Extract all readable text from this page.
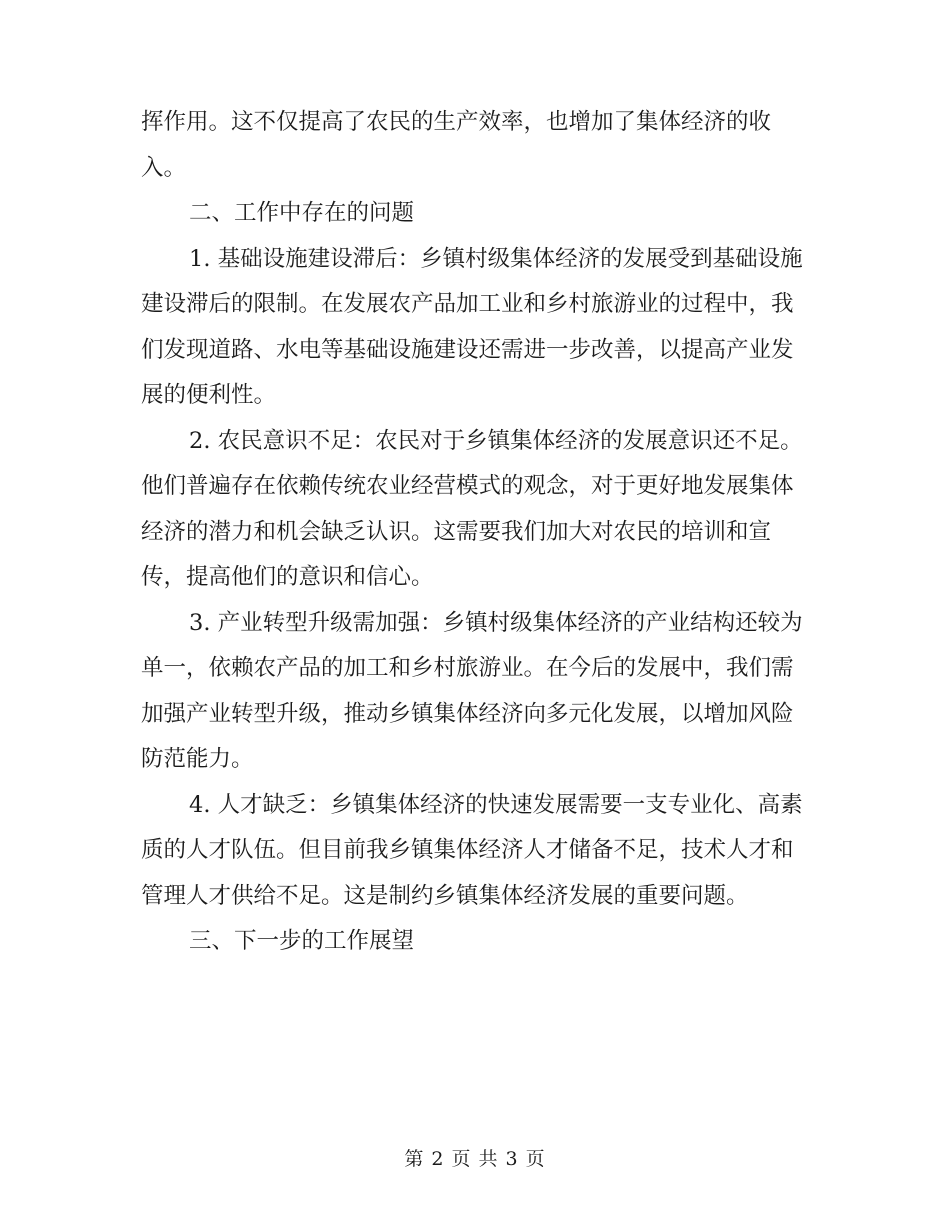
挥作用。这不仅提高了农民的生产效率，也增加了集体经济的收入。

二、工作中存在的问题

1. 基础设施建设滞后：乡镇村级集体经济的发展受到基础设施建设滞后的限制。在发展农产品加工业和乡村旅游业的过程中，我们发现道路、水电等基础设施建设还需进一步改善，以提高产业发展的便利性。

2. 农民意识不足：农民对于乡镇集体经济的发展意识还不足。他们普遍存在依赖传统农业经营模式的观念，对于更好地发展集体经济的潜力和机会缺乏认识。这需要我们加大对农民的培训和宣传，提高他们的意识和信心。

3. 产业转型升级需加强：乡镇村级集体经济的产业结构还较为单一，依赖农产品的加工和乡村旅游业。在今后的发展中，我们需加强产业转型升级，推动乡镇集体经济向多元化发展，以增加风险防范能力。

4. 人才缺乏：乡镇集体经济的快速发展需要一支专业化、高素质的人才队伍。但目前我乡镇集体经济人才储备不足，技术人才和管理人才供给不足。这是制约乡镇集体经济发展的重要问题。

三、下一步的工作展望

第 2 页 共 3 页
